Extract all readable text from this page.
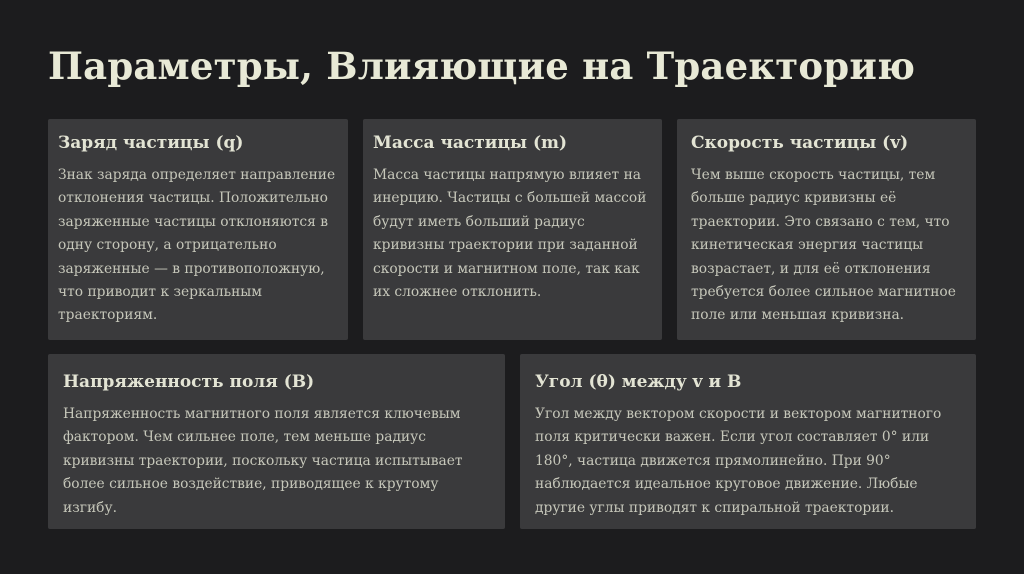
Параметры, Влияющие на Траекторию
Заряд частицы (q)

Знак заряда определяет направление отклонения частицы. Положительно заряженные частицы отклоняются в одну сторону, а отрицательно заряженные — в противоположную, что приводит к зеркальным траекториям.

Масса частицы (m)

Масса частицы напрямую влияет на инерцию. Частицы с большей массой будут иметь больший радиус кривизны траектории при заданной скорости и магнитном поле, так как их сложнее отклонить.

Скорость частицы (v)

Чем выше скорость частицы, тем больше радиус кривизны её траектории. Это связано с тем, что кинетическая энергия частицы возрастает, и для её отклонения требуется более сильное магнитное поле или меньшая кривизна.

Напряженность поля (B)

Напряженность магнитного поля является ключевым фактором. Чем сильнее поле, тем меньше радиус кривизны траектории, поскольку частица испытывает более сильное воздействие, приводящее к крутому изгибу.

Угол (θ) между v и B

Угол между вектором скорости и вектором магнитного поля критически важен. Если угол составляет 0° или 180°, частица движется прямолинейно. При 90° наблюдается идеальное круговое движение. Любые другие углы приводят к спиральной траектории.
